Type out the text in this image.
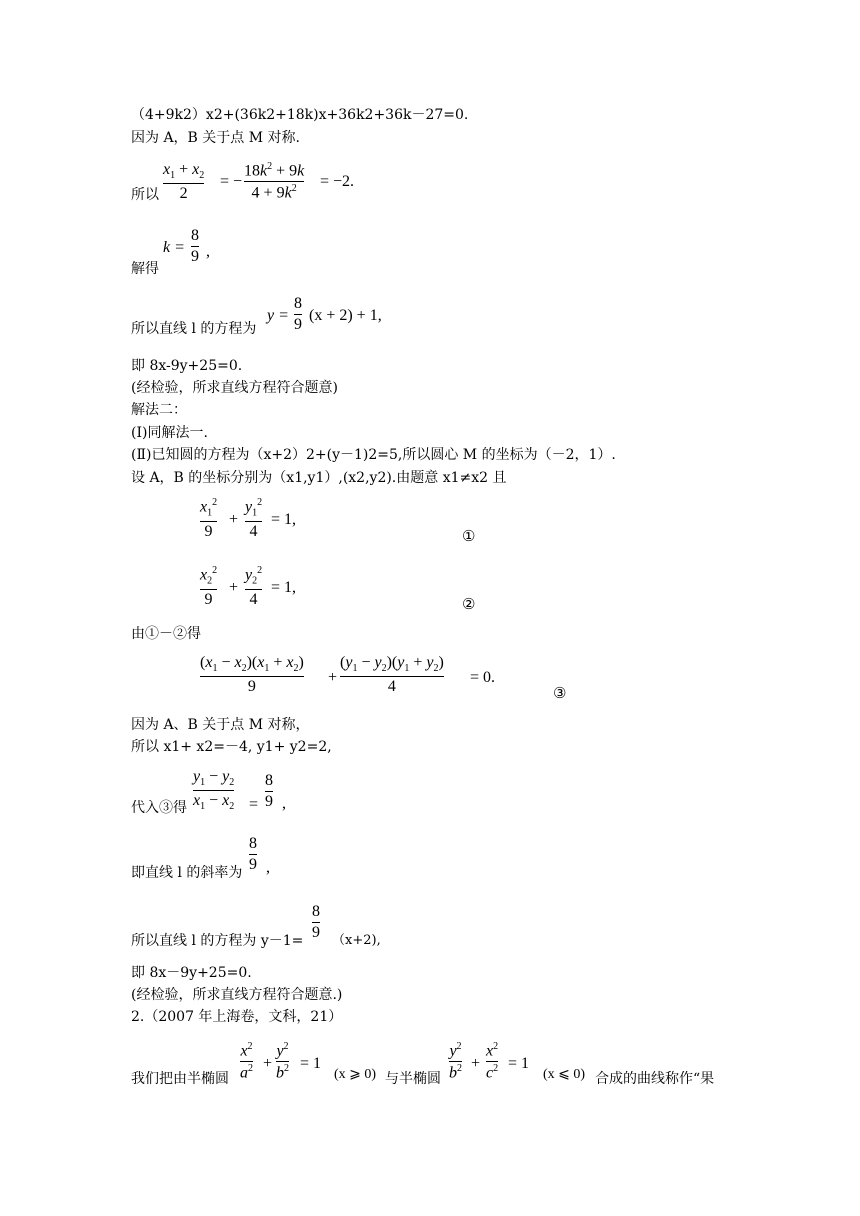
（4+9k2）x2+(36k2+18k)x+36k2+36k－27=0.
因为 A，B 关于点 M 对称.
所以
$x_1 + x_2$
2
= −
$18k^2 + 9k$
$4 + 9k^2$	= −2.
解得
k =
8
9 ,
所以直线 l 的方程为
y =
8
9
(x + 2) + 1,
即 8x-9y+25=0.
(经检验，所求直线方程符合题意)
解法二：
(Ⅰ)同解法一.
(Ⅱ)已知圆的方程为（x+2）2+(y－1)2=5,所以圆心 M 的坐标为（－2，1）.
设 A，B 的坐标分别为（x1,y1）,(x2,y2).由题意 x1≠x2 且
$x_1^2$
9
+
$y_1^2$
4
= 1,
①
$x_2^2$
9
+
$y_2^2$
4
= 1,
②
由①－②得
$(x_1 - x_2)(x_1 + x_2)$
9
+
$(y_1 - y_2)(y_1 + y_2)$
4
= 0.
③
因为 A、B 关于点 M 对称，
所以 x1+ x2=－4, y1+ y2=2,
代入③得
$y_1 - y_2$
$x_1 - x_2$ =
8
9 ,
即直线 l 的斜率为
8
9 ,
所以直线 l 的方程为 y－1=
8
9 （x+2),
即 8x－9y+25=0.
(经检验，所求直线方程符合题意.)
2.（2007 年上海卷，文科，21）
我们把由半椭圆
$x^2$
$a^2$ +
$y^2$
$b^2 = 1$
(x ⩾ 0) 与半椭圆
$y^2$
$b^2$ +
$x^2$
$c^2 = 1$
(x ⩽ 0) 合成的曲线称作“果
